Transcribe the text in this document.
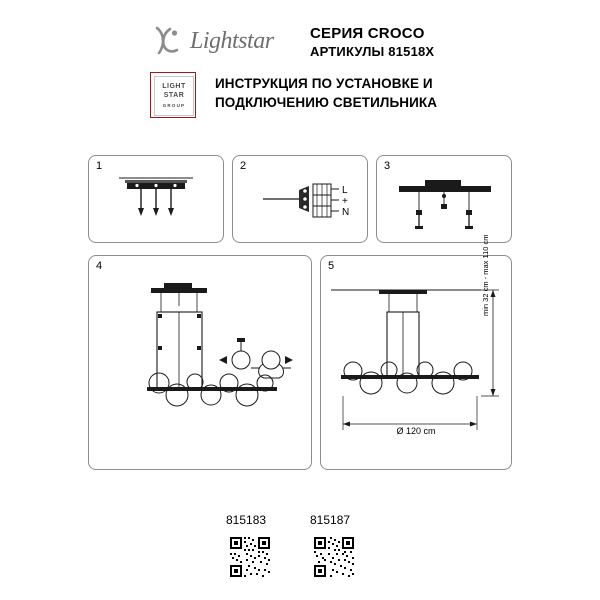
Lightstar СЕРИЯ CROCO
АРТИКУЛЫ 81518X
LIGHT
STAR
GROUP
ИНСТРУКЦИЯ ПО УСТАНОВКЕ И
ПОДКЛЮЧЕНИЮ СВЕТИЛЬНИКА
1	2
L
+
N
3
4	5	min 32 cm - max 110 cm
Ø 120 cm
815183	815187
